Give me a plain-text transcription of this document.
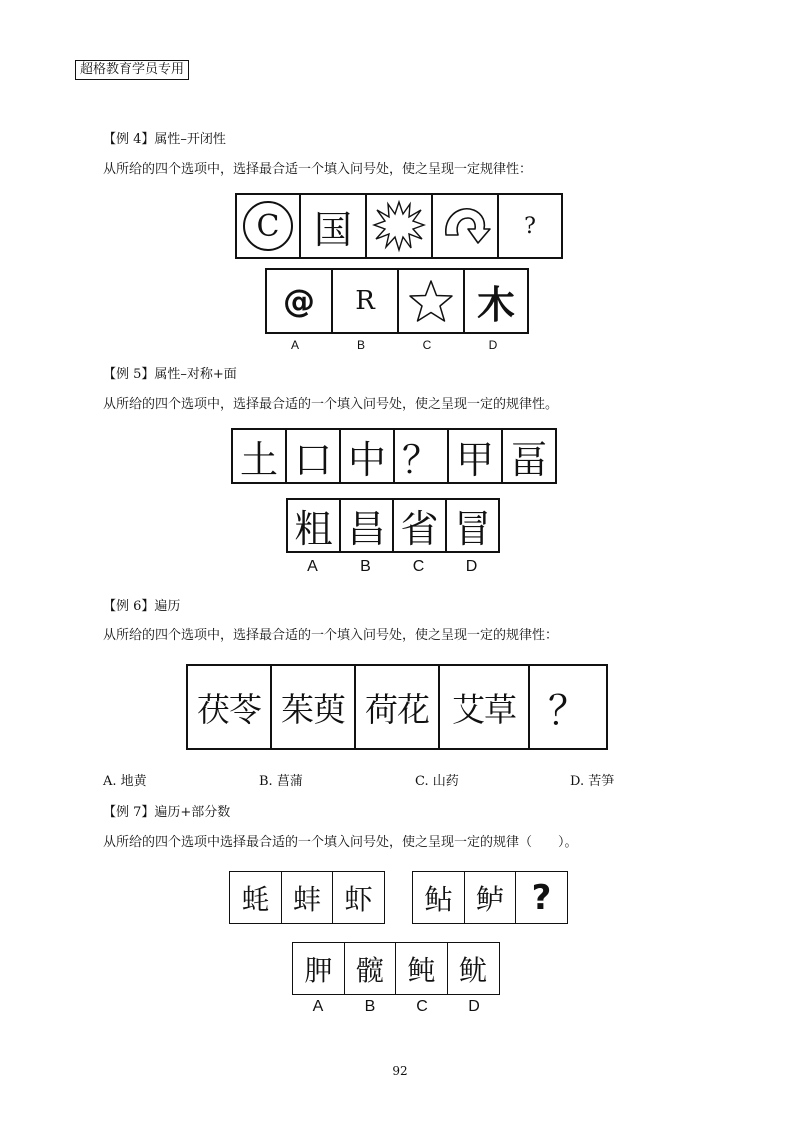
超格教育学员专用
【例 4】属性–开闭性
从所给的四个选项中，选择最合适一个填入问号处，使之呈现一定规律性：
C 国	?
@ R	木
A	B	C	D
【例 5】属性–对称+面
从所给的四个选项中，选择最合适的一个填入问号处，使之呈现一定的规律性。
土 口 中 ？ 甲 畐
粗 昌 省 冒
A	B	C	D
【例 6】遍历
从所给的四个选项中，选择最合适的一个填入问号处，使之呈现一定的规律性：
茯苓 茱萸 荷花 艾草 ？
A. 地黄	B. 菖蒲	C. 山药	D. 苦笋
【例 7】遍历+部分数
从所给的四个选项中选择最合适的一个填入问号处，使之呈现一定的规律（　　）。
蚝 蚌 虾 鲇 鲈 ?
胛 髋 鲀 鱿
A	B	C	D
92
